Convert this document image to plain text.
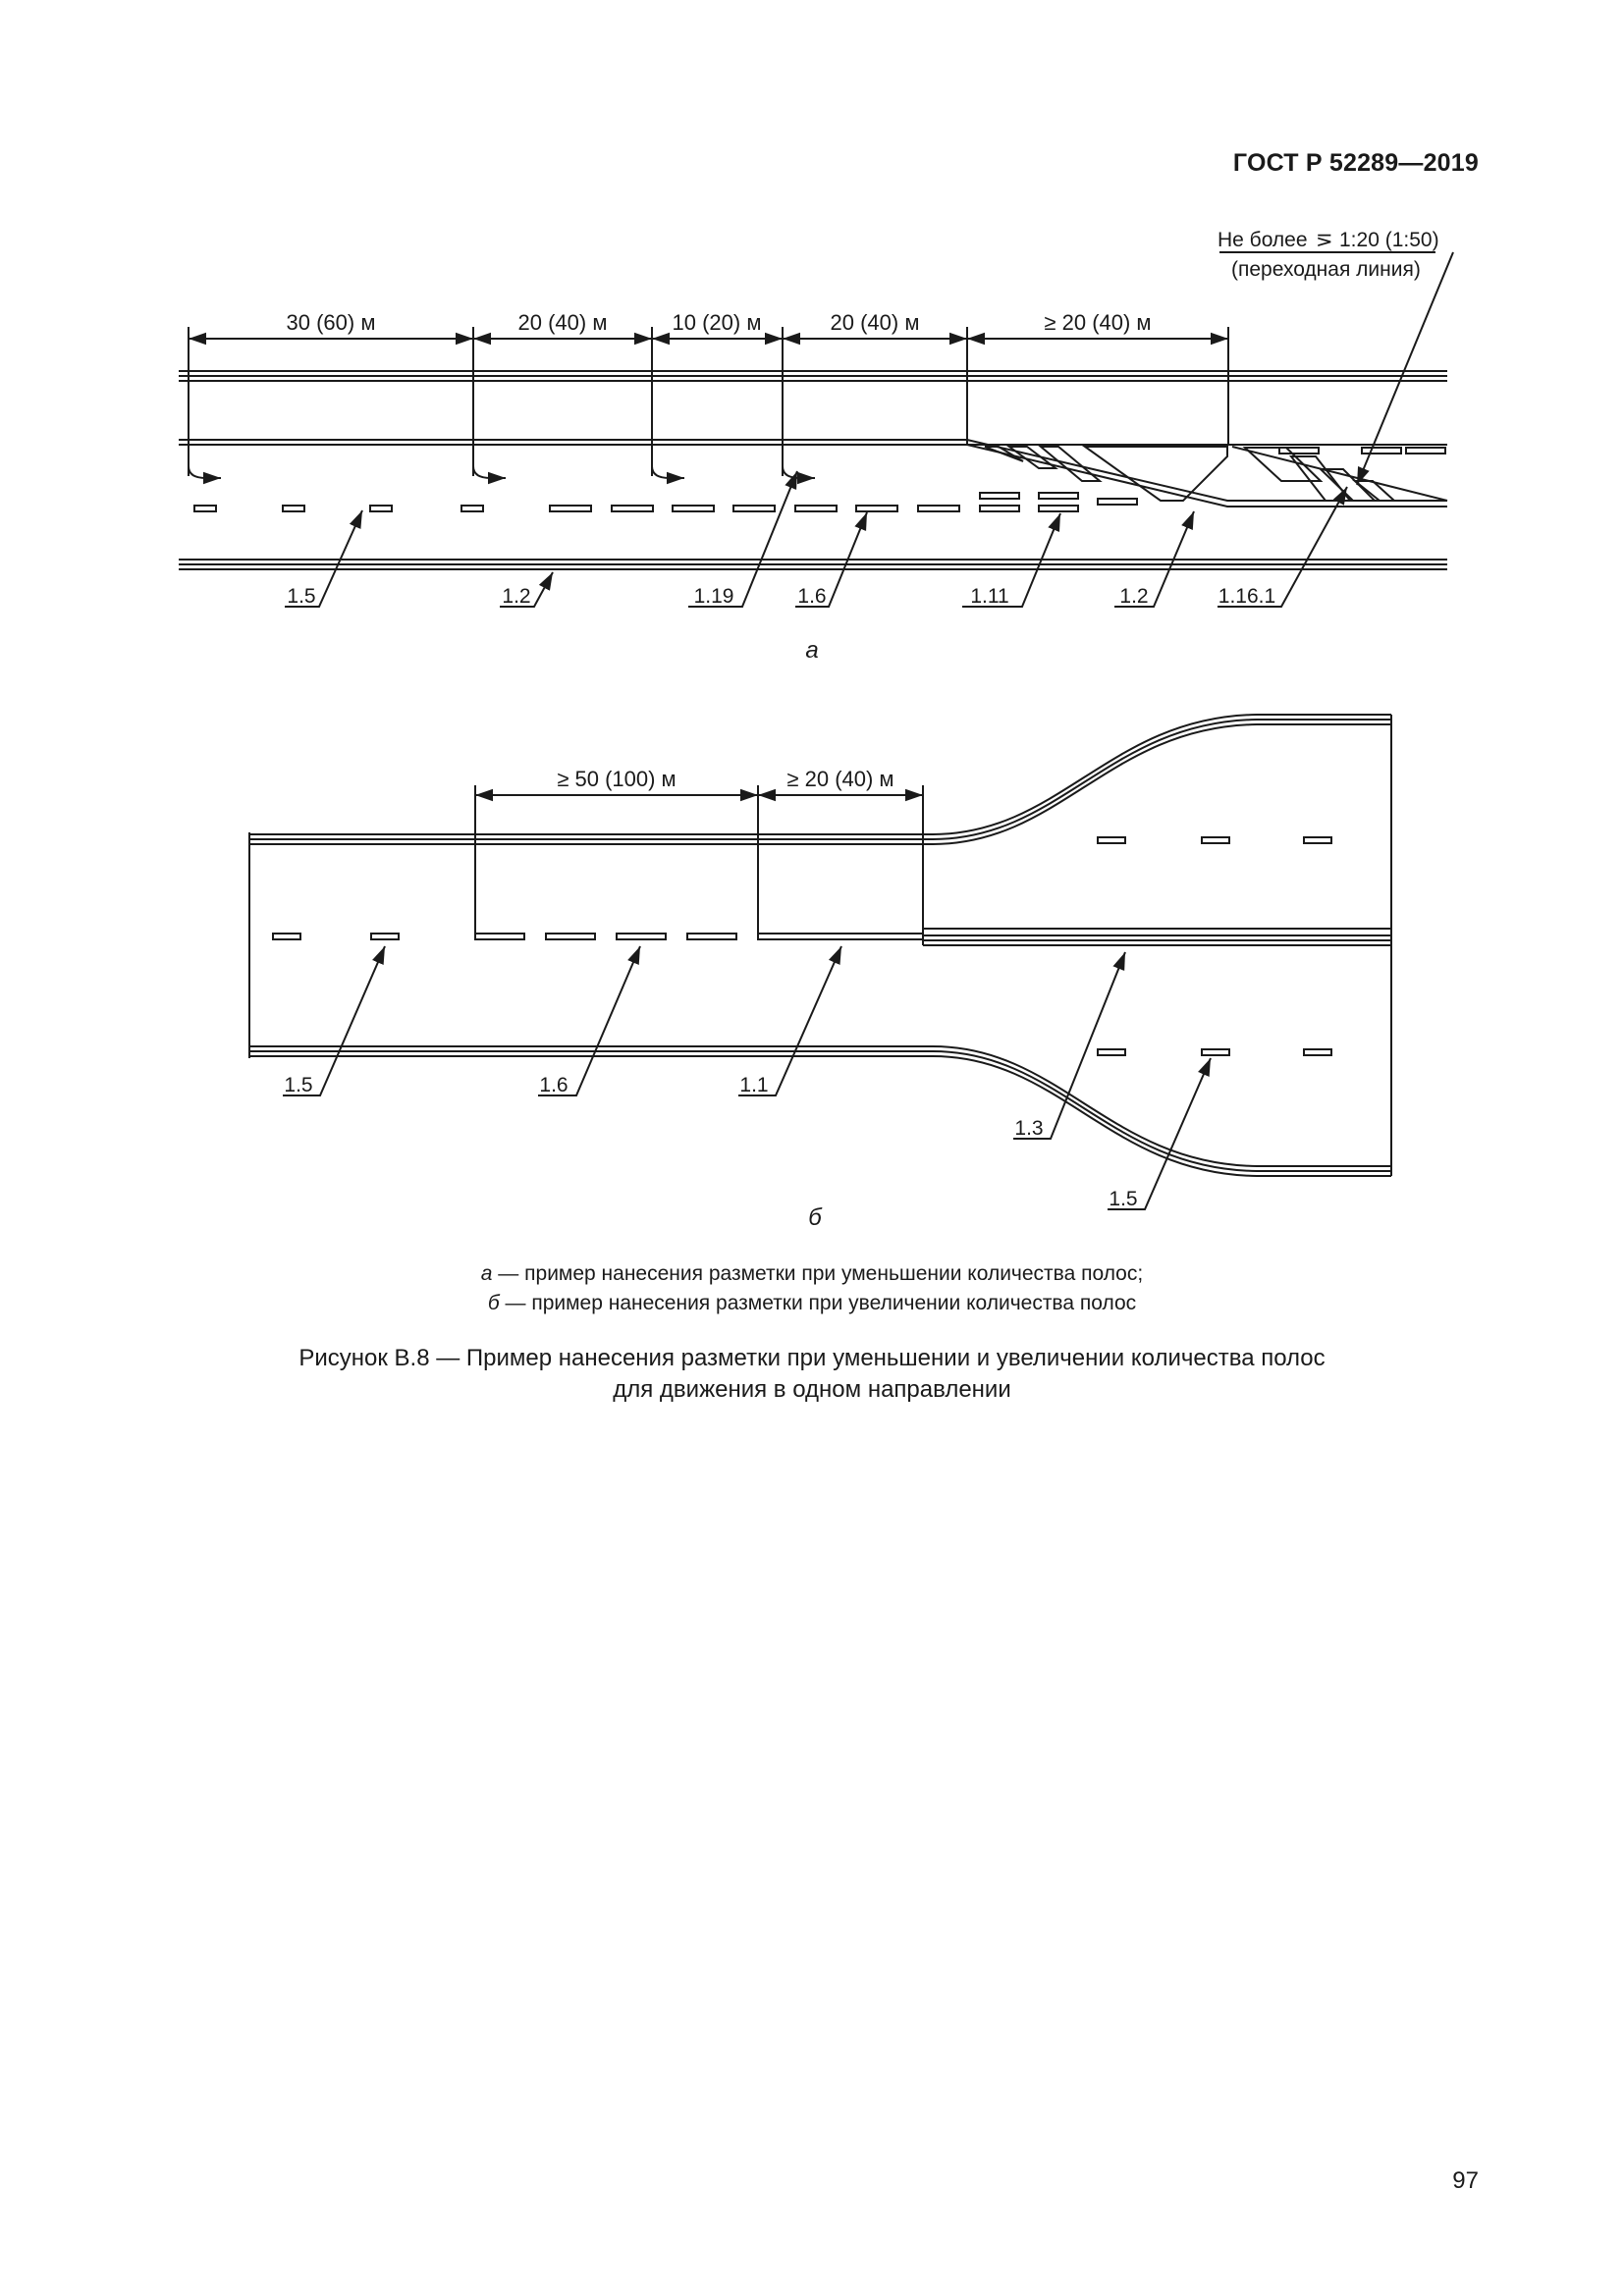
ГОСТ Р 52289—2019
Не более ⋝ 1:20 (1:50)
(переходная линия)
30 (60) м	20 (40) м	10 (20) м	20 (40) м	≥ 20 (40) м
1.5	1.2	1.19	1.6	1.11	1.2	1.16.1
а
≥ 50 (100) м	≥ 20 (40) м
1.5	1.6	1.1
1.3
1.5
б
а — пример нанесения разметки при уменьшении количества полос;
б — пример нанесения разметки при увеличении количества полос
Рисунок В.8 — Пример нанесения разметки при уменьшении и увеличении количества полос
для движения в одном направлении
97
